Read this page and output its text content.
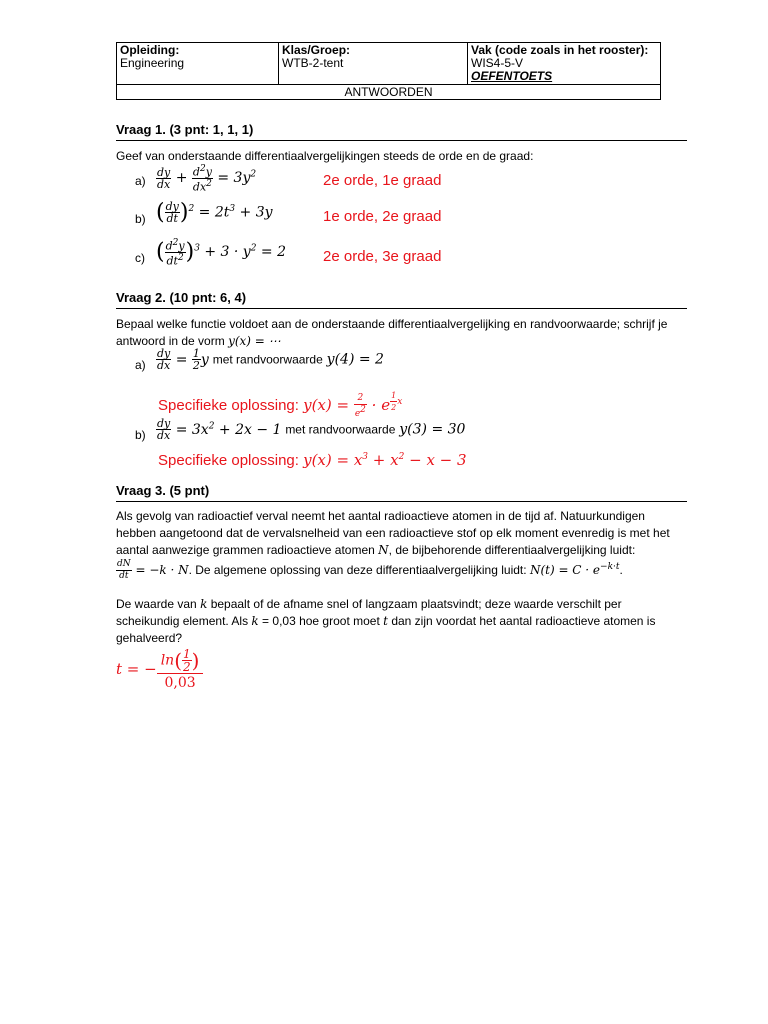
Opleiding:
Engineering

Klas/Groep:
WTB-2-tent

Vak (code zoals in het rooster):
WIS4-5-V
OEFENTOETS

ANTWOORDEN
Vraag 1. (3 pnt: 1, 1, 1)
Geef van onderstaande differentiaalvergelijkingen steeds de orde en de graad:
$a) \frac{dy}{dx} + \frac{d^2y}{dx^2} = 3y^2$	2e orde, 1e graad
b) ( $\frac{dy}{dt} )^2 = 2t^3 + 3y$	1e orde, 2e graad
c) ( $\frac{d^2y}{dt^2} )^3 + 3 \cdot y^2 = 2$ 2e orde, 3e graad
Vraag 2. (10 pnt: 6, 4)
Bepaal welke functie voldoet aan de onderstaande differentiaalvergelijking en randvoorwaarde; schrijf je antwoord in de vorm y(x) = ⋯
$a) \frac{dy}{dx} = \frac{1}{2}$ y met randvoorwaarde y(4) = 2
Specifieke oplossing: $y(x) = \frac{2}{e^2} \cdot e$ $^{\frac{1}{2} x}$
$b) \frac{dy}{dx} = 3x^2 + 2x - 1$ met randvoorwaarde y(3) = 30
Specifieke oplossing: $y(x) = x^3 + x^2 - x - 3$
Vraag 3. (5 pnt)
Als gevolg van radioactief verval neemt het aantal radioactieve atomen in de tijd af. Natuurkundigen hebben aangetoond dat de vervalsnelheid van een radioactieve stof op elk moment evenredig is met het aantal aanwezige grammen radioactieve atomen N, de bijbehorende differentiaalvergelijking luidt:

$\frac{dN}{dt} = -k \cdot N$. De algemene oplossing van deze differentiaalvergelijking luidt: $N(t) = C \cdot e^{-k\cdot t}$.
De waarde van k bepaalt of de afname snel of langzaam plaatsvindt; deze waarde verschilt per scheikundig element. Als k = 0,03 hoe groot moet t dan zijn voordat het aantal radioactieve atomen is gehalveerd?
t = − $\frac{\ln( \frac{1}{2} )}{0,03}$
